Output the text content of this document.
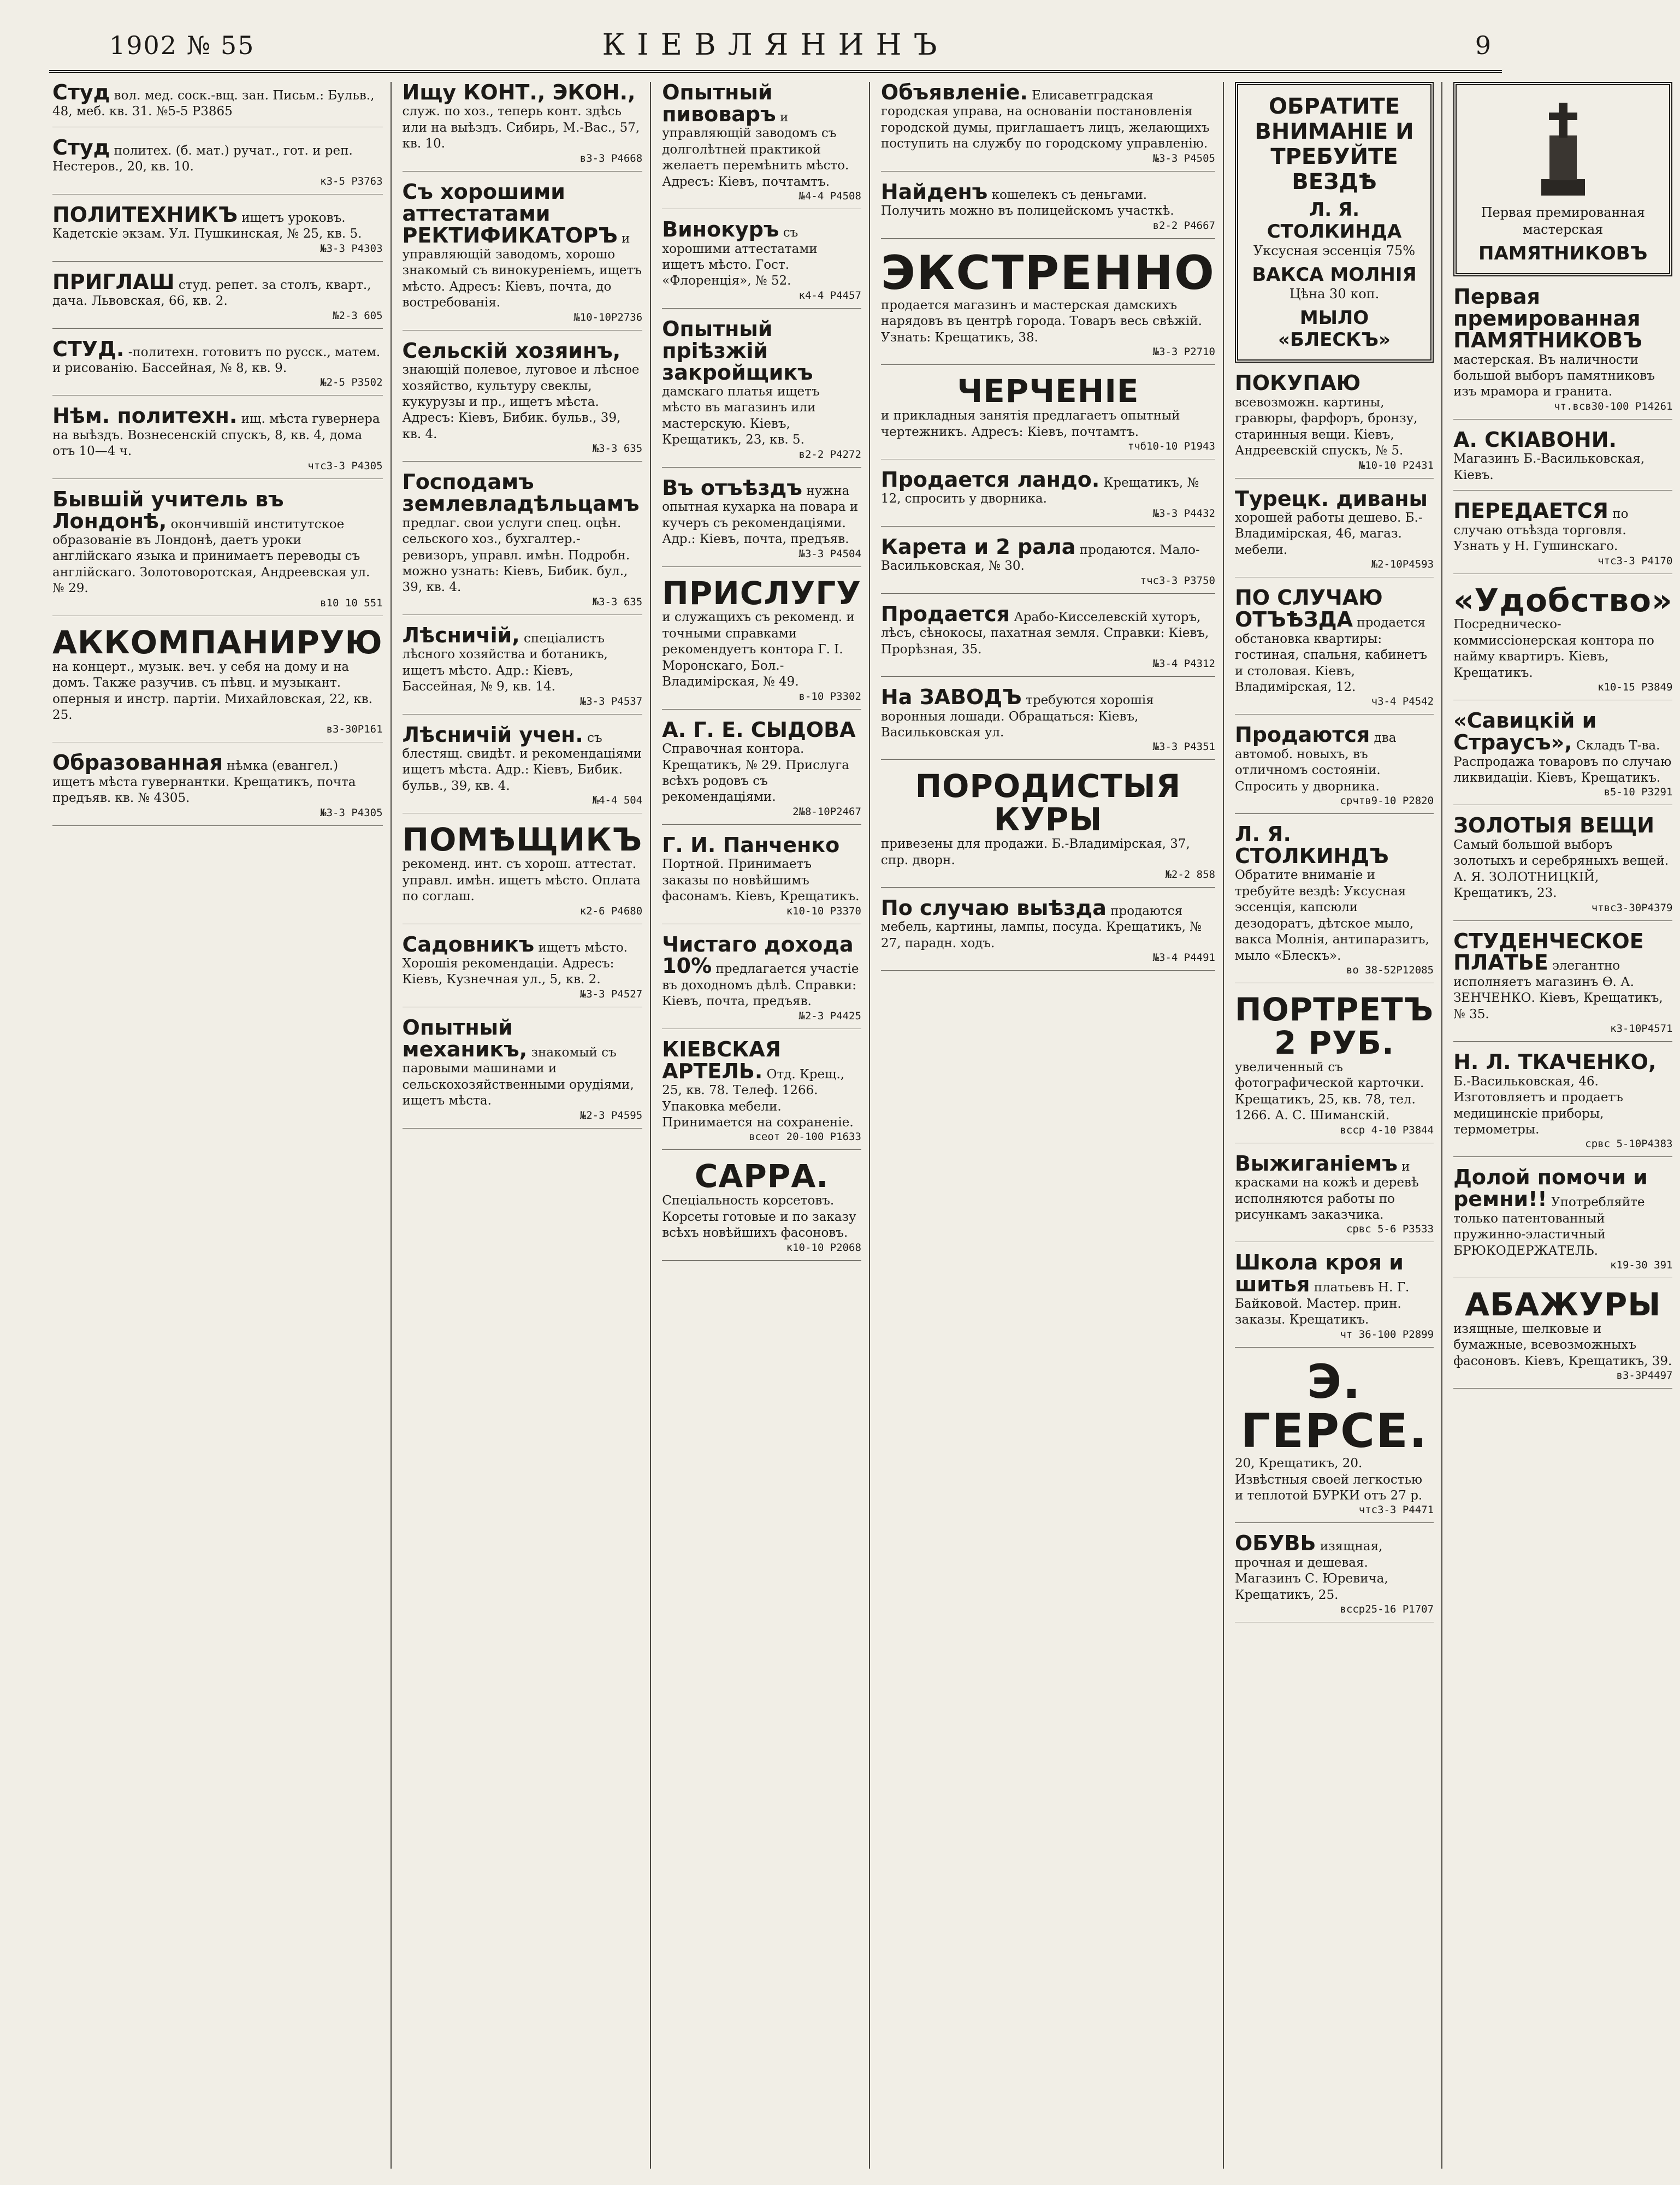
1902 № 55	КІЕВЛЯНИНЪ	9
Студ вол. мед. соск.-вщ. зан. Письм.: Бульв., 48, меб. кв. 31. №5-5 Р3865
Студ политех. (б. мат.) ручат., гот. и реп. Нестеров., 20, кв. 10.
к3-5 Р3763
ПОЛИТЕХНИКЪ ищетъ уроковъ. Кадетскіе экзам. Ул. Пушкинская, № 25, кв. 5.
№3-3 Р4303
ПРИГЛАШ студ. репет. за столъ, кварт., дача. Львовская, 66, кв. 2.
№2-3 605
СТУД. -политехн. готовитъ по русск., матем. и рисованію. Бассейная, № 8, кв. 9.
№2-5 Р3502
Нѣм. политехн. ищ. мѣста гувернера на выѣздъ. Вознесенскій спускъ, 8, кв. 4, дома отъ 10—4 ч.
чтс3-3 Р4305
Бывшій учитель въ Лондонѣ, окончившій институтское образованіе въ Лондонѣ, даетъ уроки англійскаго языка и принимаетъ переводы съ англійскаго. Золотоворотская, Андреевская ул. № 29.
в10 10 551
АККОМПАНИРУЮ
на концерт., музык. веч. у себя на дому и на домъ. Также разучив. съ пѣвц. и музыкант. оперныя и инстр. партіи. Михайловская, 22, кв. 25.
в3-30Р161
Образованная нѣмка (евангел.) ищетъ мѣста гувернантки. Крещатикъ, почта предъяв. кв. № 4305.
№3-3 Р4305
Ищу КОНТ., ЭКОН., служ. по хоз., теперь конт. здѣсь или на выѣздъ. Сибирь, М.-Вас., 57, кв. 10.
в3-3 Р4668
Съ хорошими аттестатами РЕКТИФИКАТОРЪ и управляющій заводомъ, хорошо знакомый съ винокуреніемъ, ищетъ мѣсто. Адресъ: Кіевъ, почта, до востребованія.
№10-10Р2736
Сельскій хозяинъ, знающій полевое, луговое и лѣсное хозяйство, культуру свеклы, кукурузы и пр., ищетъ мѣста. Адресъ: Кіевъ, Бибик. бульв., 39, кв. 4.
№3-3 635
Господамъ землевладѣльцамъ предлаг. свои услуги спец. оцѣн. сельского хоз., бухгалтер.-ревизоръ, управл. имѣн. Подробн. можно узнать: Кіевъ, Бибик. бул., 39, кв. 4.
№3-3 635
Лѣсничій, спеціалистъ лѣсного хозяйства и ботаникъ, ищетъ мѣсто. Адр.: Кіевъ, Бассейная, № 9, кв. 14.
№3-3 Р4537
Лѣсничій учен. съ блестящ. свидѣт. и рекомендаціями ищетъ мѣста. Адр.: Кіевъ, Бибик. бульв., 39, кв. 4.
№4-4 504
ПОМѢЩИКЪ
рекоменд. инт. съ хорош. аттестат. управл. имѣн. ищетъ мѣсто. Оплата по соглаш.
к2-6 Р4680
Садовникъ ищетъ мѣсто. Хорошія рекомендаціи. Адресъ: Кіевъ, Кузнечная ул., 5, кв. 2.
№3-3 Р4527
Опытный механикъ, знакомый съ паровыми машинами и сельскохозяйственными орудіями, ищетъ мѣста.
№2-3 Р4595
Опытный пивоваръ и управляющій заводомъ съ долголѣтней практикой желаетъ перемѣнить мѣсто. Адресъ: Кіевъ, почтамтъ.
№4-4 Р4508
Винокуръ съ хорошими аттестатами ищетъ мѣсто. Гост. «Флоренція», № 52.
к4-4 Р4457
Опытный пріѣзжій закройщикъ дамскаго платья ищетъ мѣсто въ магазинъ или мастерскую. Кіевъ, Крещатикъ, 23, кв. 5.
в2-2 Р4272
Въ отъѣздъ нужна опытная кухарка на повара и кучеръ съ рекомендаціями. Адр.: Кіевъ, почта, предъяв.
№3-3 Р4504
ПРИСЛУГУ
и служащихъ съ рекоменд. и точными справками рекомендуетъ контора Г. I. Моронскаго, Бол.-Владимірская, № 49.
в-10 Р3302
А. Г. Е. СЫДОВА Справочная контора. Крещатикъ, № 29. Прислуга всѣхъ родовъ съ рекомендаціями.
2№8-10Р2467
Г. И. Панченко Портной. Принимаетъ заказы по новѣйшимъ фасонамъ. Кіевъ, Крещатикъ.
к10-10 Р3370
Чистаго дохода 10% предлагается участіе въ доходномъ дѣлѣ. Справки: Кіевъ, почта, предъяв.
№2-3 Р4425
КІЕВСКАЯ АРТЕЛЬ. Отд. Крещ., 25, кв. 78. Телеф. 1266. Упаковка мебели. Принимается на сохраненіе.
всеот 20-100 Р1633
САРРА.
Спеціальность корсетовъ. Корсеты готовые и по заказу всѣхъ новѣйшихъ фасоновъ.
к10-10 Р2068
Объявленіе. Елисаветградская городская управа, на основаніи постановленія городской думы, приглашаетъ лицъ, желающихъ поступить на службу по городскому управленію.
№3-3 Р4505
Найденъ кошелекъ съ деньгами. Получить можно въ полицейскомъ участкѣ.
в2-2 Р4667
ЭКСТРЕННО
продается магазинъ и мастерская дамскихъ нарядовъ въ центрѣ города. Товаръ весь свѣжій. Узнать: Крещатикъ, 38.
№3-3 Р2710
ЧЕРЧЕНІЕ
и прикладныя занятія предлагаетъ опытный чертежникъ. Адресъ: Кіевъ, почтамтъ.
тчб10-10 Р1943
Продается ландо. Крещатикъ, № 12, спросить у дворника.
№3-3 Р4432
Карета и 2 рала продаются. Мало-Васильковская, № 30.
тчс3-3 Р3750
Продается Арабо-Кисселевскій хуторъ, лѣсъ, сѣнокосы, пахатная земля. Справки: Кіевъ, Прорѣзная, 35.
№3-4 Р4312
На ЗАВОДЪ требуются хорошія воронныя лошади. Обращаться: Кіевъ, Васильковская ул.
№3-3 Р4351
ПОРОДИСТЫЯ КУРЫ
привезены для продажи. Б.-Владимірская, 37, спр. дворн.
№2-2 858
По случаю выѣзда продаются мебель, картины, лампы, посуда. Крещатикъ, № 27, парадн. ходъ.
№3-4 Р4491
ОБРАТИТЕ ВНИМАНІЕ И ТРЕБУЙТЕ ВЕЗДѢ
Л. Я. СТОЛКИНДА
Уксусная эссенція 75%
ВАКСА МОЛНІЯ
Цѣна 30 коп.
МЫЛО «БЛЕСКЪ»
ПОКУПАЮ всевозможн. картины, гравюры, фарфоръ, бронзу, старинныя вещи. Кіевъ, Андреевскій спускъ, № 5.
№10-10 Р2431
Турецк. диваны хорошей работы дешево. Б.-Владимірская, 46, магаз. мебели.
№2-10Р4593
ПО СЛУЧАЮ ОТЪѢЗДА продается обстановка квартиры: гостиная, спальня, кабинетъ и столовая. Кіевъ, Владимірская, 12.
ч3-4 Р4542
Продаются два автомоб. новыхъ, въ отличномъ состояніи. Спросить у дворника.
срчтв9-10 Р2820
Л. Я. СТОЛКИНДЪ Обратите вниманіе и требуйте вездѣ: Уксусная эссенція, капсюли дезодоратъ, дѣтское мыло, вакса Молнія, антипаразитъ, мыло «Блескъ».
во 38-52Р12085
ПОРТРЕТЪ 2 РУБ.
увеличенный съ фотографической карточки. Крещатикъ, 25, кв. 78, тел. 1266. А. С. Шиманскій.
всср 4-10 Р3844
Выжиганіемъ и красками на кожѣ и деревѣ исполняются работы по рисункамъ заказчика.
срвс 5-6 Р3533
Школа кроя и шитья платьевъ Н. Г. Байковой. Мастер. прин. заказы. Крещатикъ.
чт 36-100 Р2899
Э. ГЕРСЕ.
20, Крещатикъ, 20. Извѣстныя своей легкостью и теплотой БУРКИ отъ 27 р.
чтс3-3 Р4471
ОБУВЬ изящная, прочная и дешевая. Магазинъ С. Юревича, Крещатикъ, 25.
всср25-16 Р1707
Первая премированная
мастерская
ПАМЯТНИКОВЪ
Первая премированная ПАМЯТНИКОВЪ мастерская. Въ наличности большой выборъ памятниковъ изъ мрамора и гранита.
чт.всв30-100 Р14261
А. СКІАВОНИ. Магазинъ Б.-Васильковская, Кіевъ.
ПЕРЕДАЕТСЯ по случаю отъѣзда торговля. Узнать у Н. Гушинскаго.
чтс3-3 Р4170
«Удобство»
Посредническо-коммиссіонерская контора по найму квартиръ. Кіевъ, Крещатикъ.
к10-15 Р3849
«Савицкій и Страусъ», Складъ Т-ва. Распродажа товаровъ по случаю ликвидаціи. Кіевъ, Крещатикъ.
в5-10 Р3291
ЗОЛОТЫЯ ВЕЩИ Самый большой выборъ золотыхъ и серебряныхъ вещей. А. Я. ЗОЛОТНИЦКІЙ, Крещатикъ, 23.
чтвс3-30Р4379
СТУДЕНЧЕСКОЕ ПЛАТЬЕ элегантно исполняетъ магазинъ Ѳ. А. ЗЕНЧЕНКО. Кіевъ, Крещатикъ, № 35.
к3-10Р4571
Н. Л. ТКАЧЕНКО, Б.-Васильковская, 46. Изготовляетъ и продаетъ медицинскіе приборы, термометры.
срвс 5-10Р4383
Долой помочи и ремни!! Употребляйте только патентованный пружинно-эластичный БРЮКОДЕРЖАТЕЛЬ.
к19-30 391
АБАЖУРЫ
изящные, шелковые и бумажные, всевозможныхъ фасоновъ. Кіевъ, Крещатикъ, 39.
в3-3Р4497
